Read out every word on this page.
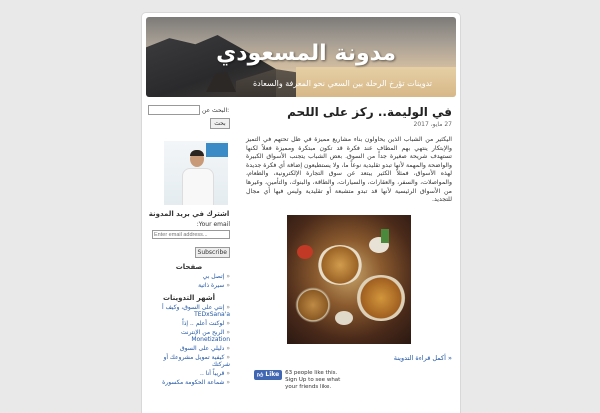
مدونة المسعودي
تدوينات تؤرخ الرحلة بين السعي نحو المعرفة والسعادة
البحث عن:
بحث
اشترك في بريد المدونة
Your email:
Enter email address... Subscribe
صفحات
«إتصل بي
«سيرة ذاتية
أشهر التدوينات
«إنتي على السوق، وكيف أ TEDxSana'a
«لوكنت أعلم .. إذاً
«الربح من الإنترنت Monetization
«دليلي على السوق
«كيفية تمويل مشروعك أو شركتك
«قريباً أنا ..
«شماعة الحكومة مكسورة
في الوليمة.. ركز على اللحم
27 مايو، 2017
اليكثير من الشباب الذين يحاولون بناء مشاريع مميزة في ظل تحتهم في التميز والإبتكار ينتهي بهم المطاف عند فكرة قد تكون مبتكرة ومميزة فعلاً لكنها تستهدف شريحة صغيرة جداً من السوق. بعض الشباب يتجنب الأسواق الكبيرة والواضحة والمهمة لأنها تبدو تقليدية نوعاً ما، ولا يستطيعون إضافة أي فكرة جديدة لهذه الأسواق، فمثلاً الكثير يبتعد عن سوق التجارة الإلكترونية، والطعام، والمواصلات، والسفر، والعقارات، والسيارات، والطاقة، والبنوك، والتأمين، وغيرها من الأسواق الرئيسية لأنها قد تبدو متشبعة أو تقليدية وليس فيها أي مجال للتجديد.
« أكمل قراءة التدوينة
👍︎
Like 63 people like this. Sign Up to see what your friends like.
